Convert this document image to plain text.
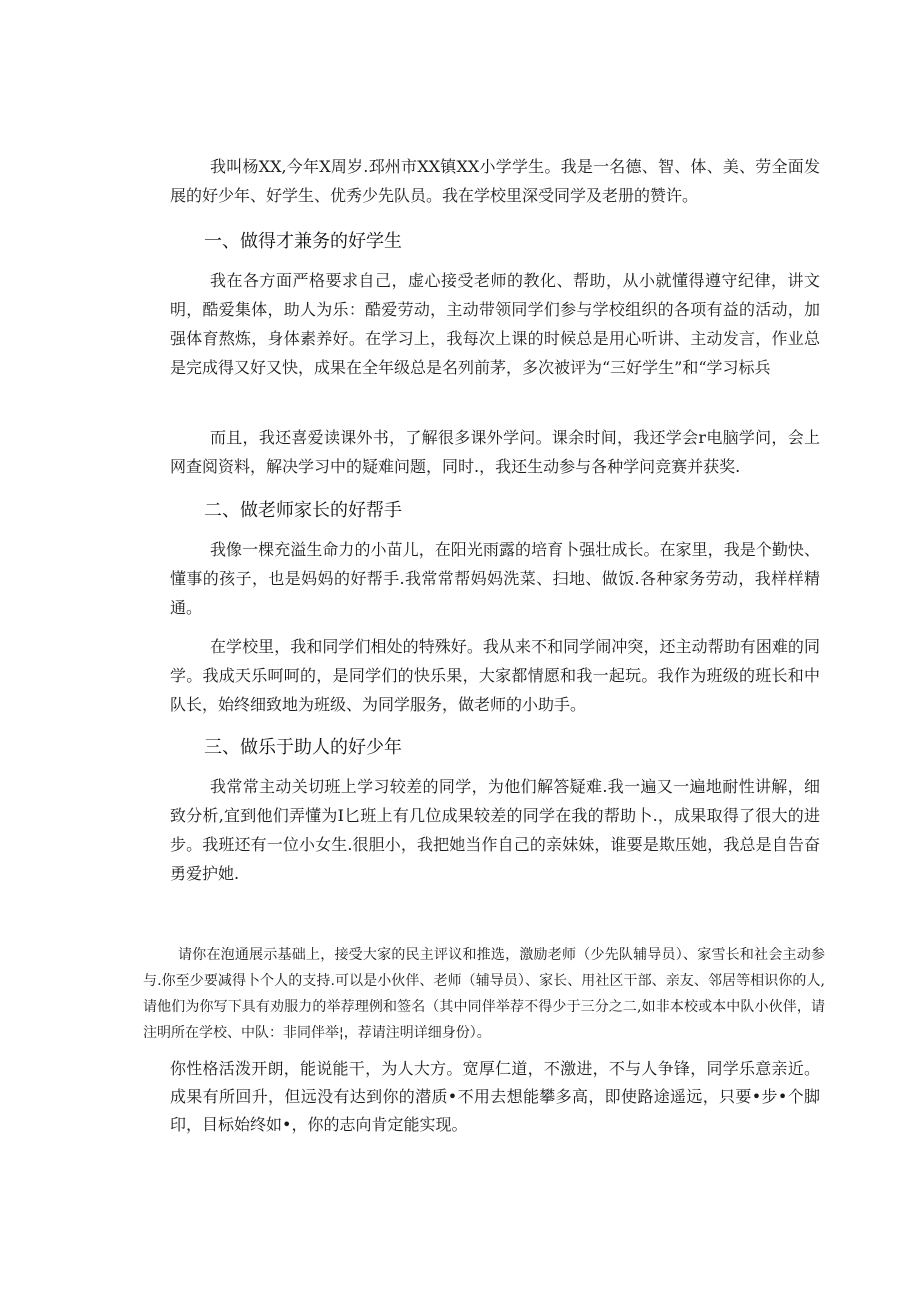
我叫杨XX,今年X周岁.邳州市XX镇XX小学学生。我是一名德、智、体、美、劳全面发展的好少年、好学生、优秀少先队员。我在学校里深受同学及老册的赞许。

一、做得才兼务的好学生

我在各方面严格要求自己，虚心接受老师的教化、帮助，从小就懂得遵守纪律，讲文明，酷爱集体，助人为乐：酷爱劳动，主动带领同学们参与学校组织的各项有益的活动，加强体育熬炼，身体素养好。在学习上，我每次上课的时候总是用心听讲、主动发言，作业总是完成得又好又快，成果在全年级总是名列前茅，多次被评为“三好学生”和“学习标兵

而且，我还喜爱读课外书，了解很多课外学问。课余时间，我还学会r电脑学问，会上网查阅资料，解决学习中的疑难问题，同时.，我还生动参与各种学问竞赛并获奖.

二、做老师家长的好帮手

我像一棵充溢生命力的小苗儿，在阳光雨露的培育卜强壮成长。在家里，我是个勤快、懂事的孩子，也是妈妈的好帮手.我常常帮妈妈洗菜、扫地、做饭.各种家务劳动，我样样精通。

在学校里，我和同学们相处的特殊好。我从来不和同学闹冲突，还主动帮助有困难的同学。我成天乐呵呵的，是同学们的快乐果，大家都情愿和我一起玩。我作为班级的班长和中队长，始终细致地为班级、为同学服务，做老师的小助手。

三、做乐于助人的好少年

我常常主动关切班上学习较差的同学，为他们解答疑难.我一遍又一遍地耐性讲解，细致分析,宜到他们弄懂为I匕班上有几位成果较差的同学在我的帮助卜.，成果取得了很大的进步。我班还有一位小女生.很胆小，我把她当作自己的亲妹妹，谁要是欺压她，我总是自告奋勇爱护她.

请你在泡通展示基础上，接受大家的民主评议和推选，激励老师（少先队辅导员）、家雪长和社会主动参与.你至少要减得卜个人的支持.可以是小伙伴、老师（辅导员）、家长、用社区干部、亲友、邻居等相识你的人,请他们为你写下具有劝服力的举荐理例和签名（其中同伴举荐不得少于三分之二,如非本校或本中队小伙伴，请注明所在学校、中队：非同伴举¦，荐请注明详细身份）。

你性格活泼开朗，能说能干，为人大方。宽厚仁道，不激进，不与人争锋，同学乐意亲近。成果有所回升，但远没有达到你的潜质•不用去想能攀多高，即使路途遥远，只要•步•个脚印，目标始终如•，你的志向肯定能实现。
